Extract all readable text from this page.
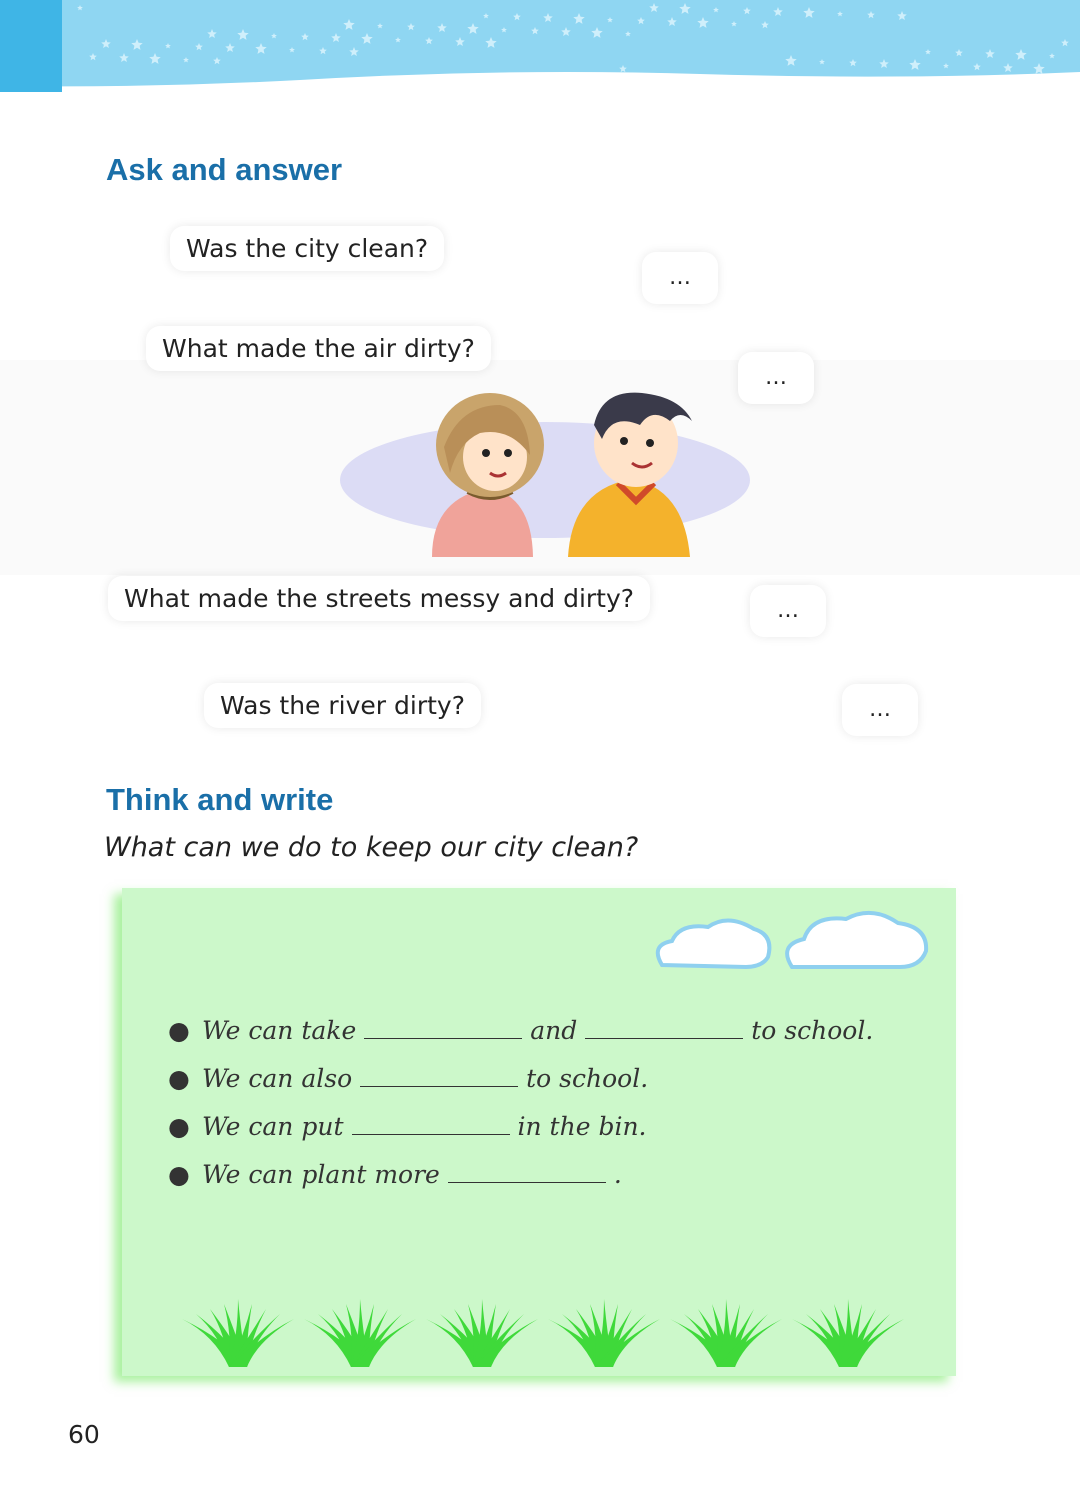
Ask and answer
Was the city clean?
What made the air dirty?
What made the streets messy and dirty?
Was the river dirty?
…
…
…
…
Think and write

What can we do to keep our city clean?

● We can take	and	to school.
● We can also	to school.
● We can put	in the bin.
● We can plant more	.
60
